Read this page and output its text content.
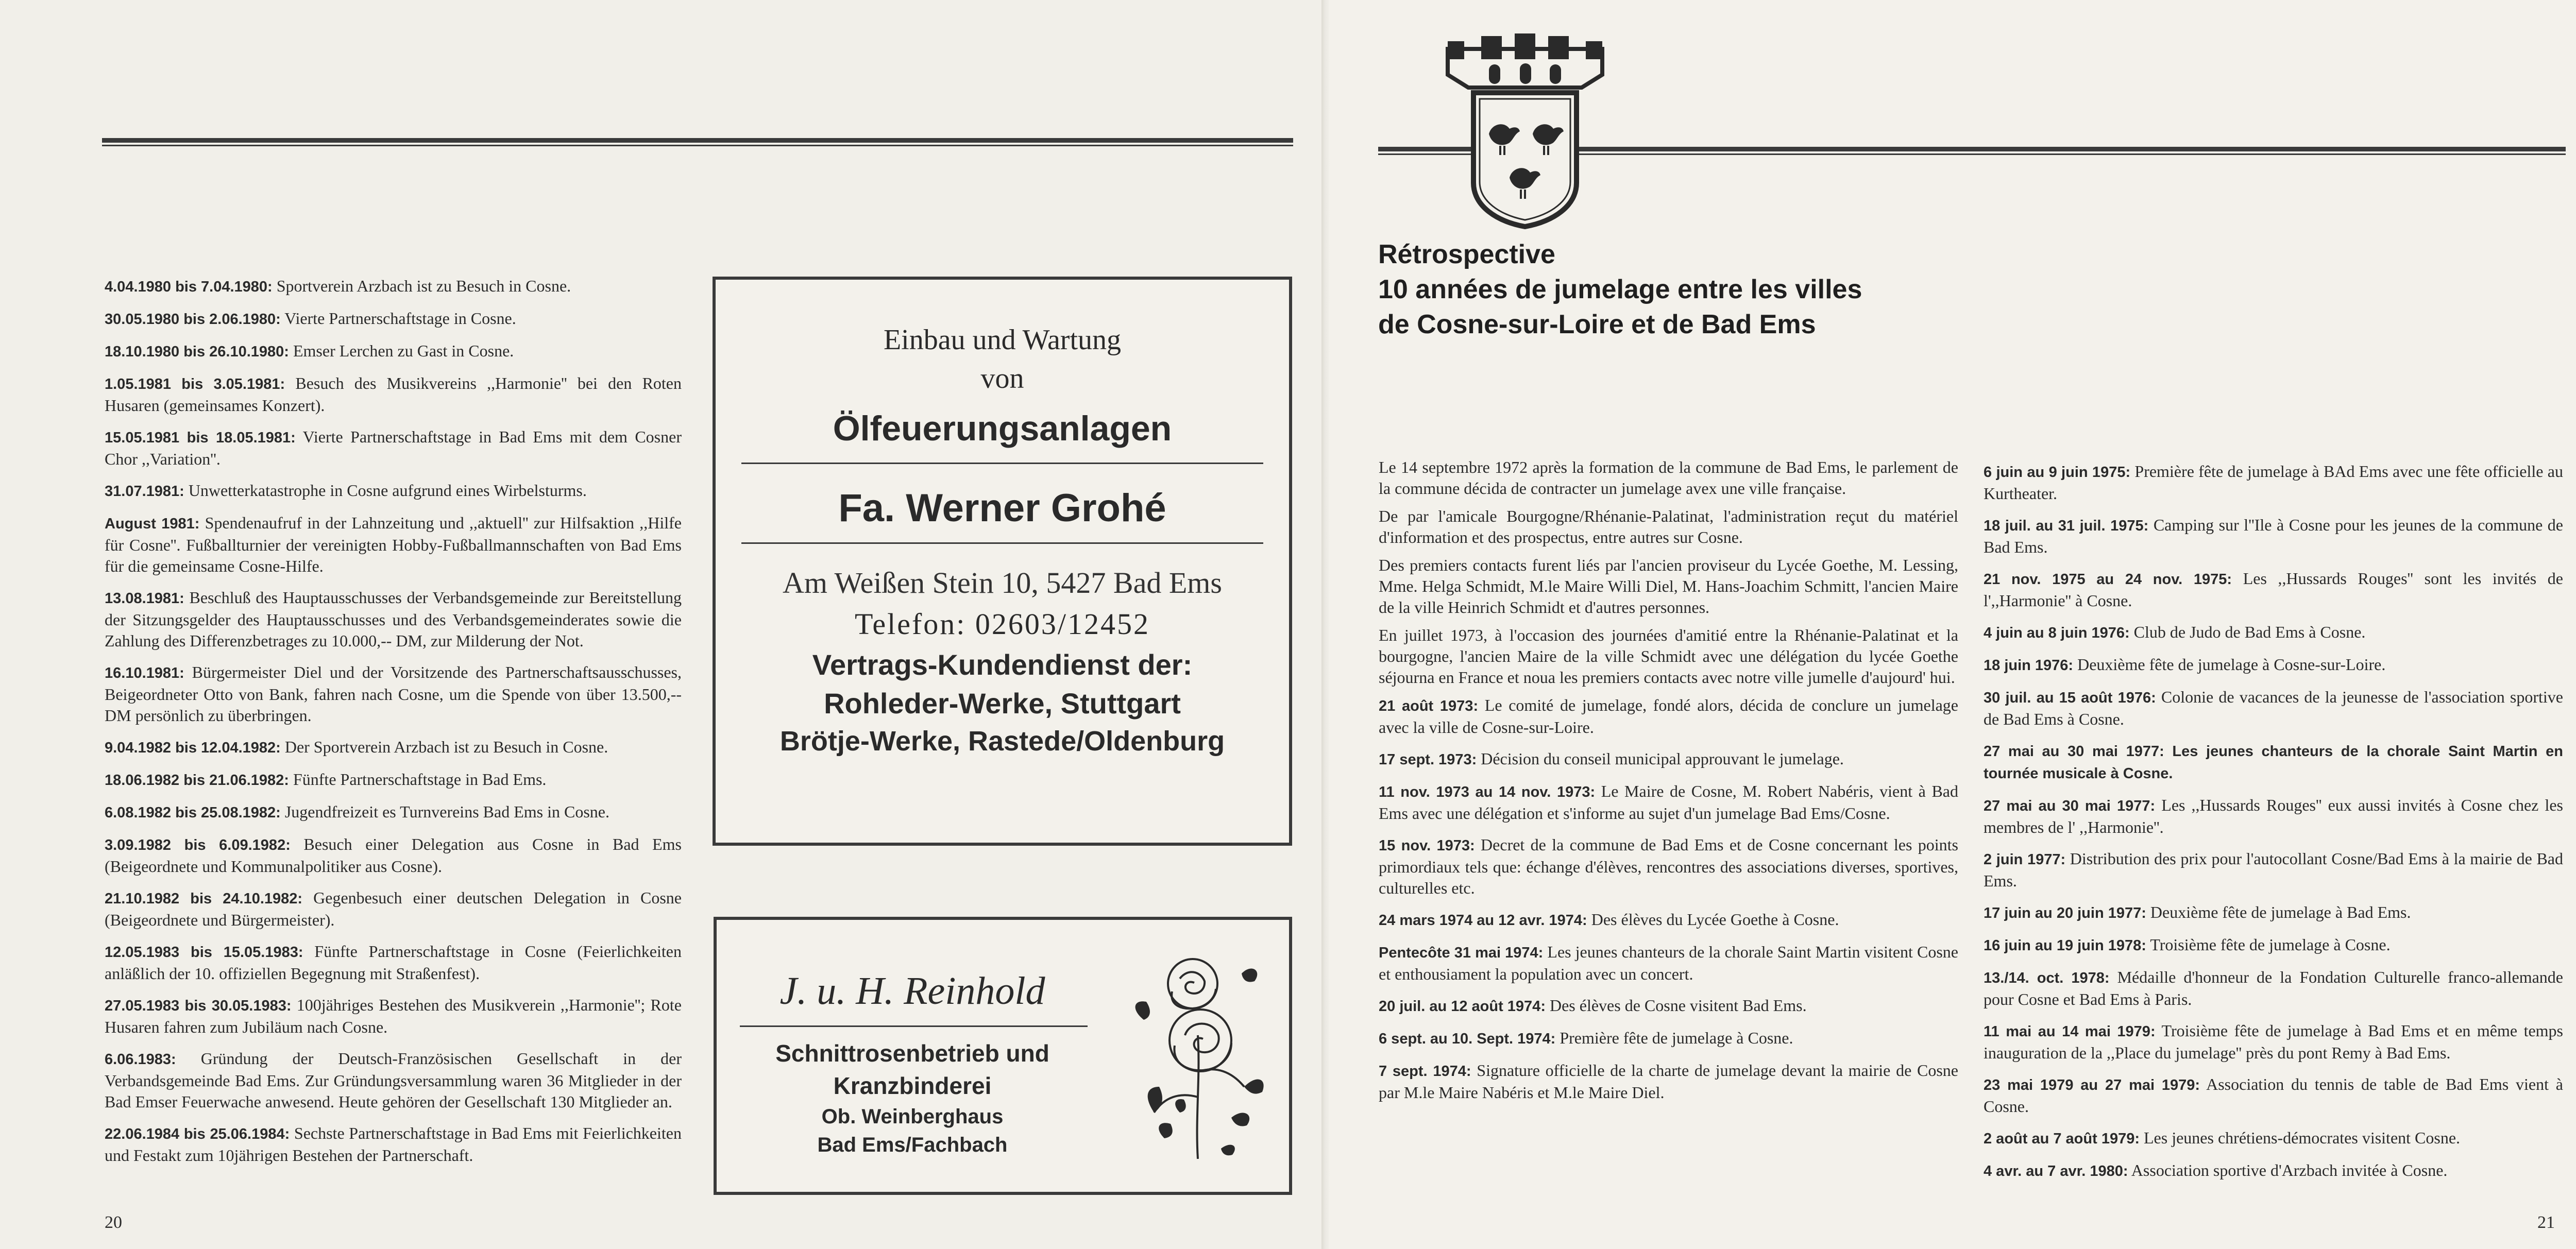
4.04.1980 bis 7.04.1980: Sportverein Arzbach ist zu Besuch in Cosne.

30.05.1980 bis 2.06.1980: Vierte Partnerschaftstage in Cosne.

18.10.1980 bis 26.10.1980: Emser Lerchen zu Gast in Cosne.

1.05.1981 bis 3.05.1981: Besuch des Musikvereins ,,Harmonie'' bei den Roten Husaren (gemeinsames Konzert).

15.05.1981 bis 18.05.1981: Vierte Partnerschaftstage in Bad Ems mit dem Cosner Chor ,,Variation''.

31.07.1981: Unwetterkatastrophe in Cosne aufgrund eines Wirbelsturms.

August 1981: Spendenaufruf in der Lahnzeitung und ,,aktuell'' zur Hilfsaktion ,,Hilfe für Cosne''. Fußballturnier der vereinigten Hobby-Fußballmannschaften von Bad Ems für die gemeinsame Cosne-Hilfe.

13.08.1981: Beschluß des Hauptausschusses der Verbandsgemeinde zur Bereitstellung der Sitzungsgelder des Hauptausschusses und des Verbandsgemeinderates sowie die Zahlung des Differenzbetrages zu 10.000,-- DM, zur Milderung der Not.

16.10.1981: Bürgermeister Diel und der Vorsitzende des Partnerschaftsausschusses, Beigeordneter Otto von Bank, fahren nach Cosne, um die Spende von über 13.500,-- DM persönlich zu überbringen.

9.04.1982 bis 12.04.1982: Der Sportverein Arzbach ist zu Besuch in Cosne.

18.06.1982 bis 21.06.1982: Fünfte Partnerschaftstage in Bad Ems.

6.08.1982 bis 25.08.1982: Jugendfreizeit es Turnvereins Bad Ems in Cosne.

3.09.1982 bis 6.09.1982: Besuch einer Delegation aus Cosne in Bad Ems (Beigeordnete und Kommunalpolitiker aus Cosne).

21.10.1982 bis 24.10.1982: Gegenbesuch einer deutschen Delegation in Cosne (Beigeordnete und Bürgermeister).

12.05.1983 bis 15.05.1983: Fünfte Partnerschaftstage in Cosne (Feierlichkeiten anläßlich der 10. offiziellen Begegnung mit Straßenfest).

27.05.1983 bis 30.05.1983: 100jähriges Bestehen des Musikverein ,,Harmonie''; Rote Husaren fahren zum Jubiläum nach Cosne.

6.06.1983: Gründung der Deutsch-Französischen Gesellschaft in der Verbandsgemeinde Bad Ems. Zur Gründungsversammlung waren 36 Mitglieder in der Bad Emser Feuerwache anwesend. Heute gehören der Gesellschaft 130 Mitglieder an.

22.06.1984 bis 25.06.1984: Sechste Partnerschaftstage in Bad Ems mit Feierlichkeiten und Festakt zum 10jährigen Bestehen der Partnerschaft.

Einbau und Wartung
von
Ölfeuerungsanlagen
Fa. Werner Grohé
Am Weißen Stein 10, 5427 Bad Ems
Telefon: 02603/12452
Vertrags-Kundendienst der:
Rohleder-Werke, Stuttgart
Brötje-Werke, Rastede/Oldenburg
J. u. H. Reinhold
Schnittrosenbetrieb und
Kranzbinderei
Ob. Weinberghaus
Bad Ems/Fachbach
20
Rétrospective
10 années de jumelage entre les villes
de Cosne-sur-Loire et de Bad Ems

Le 14 septembre 1972 après la formation de la commune de Bad Ems, le parlement de la commune décida de contracter un jumelage avex une ville française.

De par l'amicale Bourgogne/Rhénanie-Palatinat, l'administration reçut du matériel d'information et des prospectus, entre autres sur Cosne.

Des premiers contacts furent liés par l'ancien proviseur du Lycée Goethe, M. Lessing, Mme. Helga Schmidt, M.le Maire Willi Diel, M. Hans-Joachim Schmitt, l'ancien Maire de la ville Heinrich Schmidt et d'autres personnes.

En juillet 1973, à l'occasion des journées d'amitié entre la Rhénanie-Palatinat et la bourgogne, l'ancien Maire de la ville Schmidt avec une délégation du lycée Goethe séjourna en France et noua les premiers contacts avec notre ville jumelle d'aujourd' hui.

21 août 1973: Le comité de jumelage, fondé alors, décida de conclure un jumelage avec la ville de Cosne-sur-Loire.

17 sept. 1973: Décision du conseil municipal approuvant le jumelage.

11 nov. 1973 au 14 nov. 1973: Le Maire de Cosne, M. Robert Nabéris, vient à Bad Ems avec une délégation et s'informe au sujet d'un jumelage Bad Ems/Cosne.

15 nov. 1973: Decret de la commune de Bad Ems et de Cosne concernant les points primordiaux tels que: échange d'élèves, rencontres des associations diverses, sportives, culturelles etc.

24 mars 1974 au 12 avr. 1974: Des élèves du Lycée Goethe à Cosne.

Pentecôte 31 mai 1974: Les jeunes chanteurs de la chorale Saint Martin visitent Cosne et enthousiament la population avec un concert.

20 juil. au 12 août 1974: Des élèves de Cosne visitent Bad Ems.

6 sept. au 10. Sept. 1974: Première fête de jumelage à Cosne.

7 sept. 1974: Signature officielle de la charte de jumelage devant la mairie de Cosne par M.le Maire Nabéris et M.le Maire Diel.

6 juin au 9 juin 1975: Première fête de jumelage à BAd Ems avec une fête officielle au Kurtheater.

18 juil. au 31 juil. 1975: Camping sur l''Ile à Cosne pour les jeunes de la commune de Bad Ems.

21 nov. 1975 au 24 nov. 1975: Les ,,Hussards Rouges'' sont les invités de l',,Harmonie'' à Cosne.

4 juin au 8 juin 1976: Club de Judo de Bad Ems à Cosne.

18 juin 1976: Deuxième fête de jumelage à Cosne-sur-Loire.

30 juil. au 15 août 1976: Colonie de vacances de la jeunesse de l'association sportive de Bad Ems à Cosne.

27 mai au 30 mai 1977: Les jeunes chanteurs de la chorale Saint Martin en tournée musicale à Cosne.

27 mai au 30 mai 1977: Les ,,Hussards Rouges'' eux aussi invités à Cosne chez les membres de l' ,,Harmonie''.

2 juin 1977: Distribution des prix pour l'autocollant Cosne/Bad Ems à la mairie de Bad Ems.

17 juin au 20 juin 1977: Deuxième fête de jumelage à Bad Ems.

16 juin au 19 juin 1978: Troisième fête de jumelage à Cosne.

13./14. oct. 1978: Médaille d'honneur de la Fondation Culturelle franco-allemande pour Cosne et Bad Ems à Paris.

11 mai au 14 mai 1979: Troisième fête de jumelage à Bad Ems et en même temps inauguration de la ,,Place du jumelage'' près du pont Remy à Bad Ems.

23 mai 1979 au 27 mai 1979: Association du tennis de table de Bad Ems vient à Cosne.

2 août au 7 août 1979: Les jeunes chrétiens-démocrates visitent Cosne.

4 avr. au 7 avr. 1980: Association sportive d'Arzbach invitée à Cosne.

21
